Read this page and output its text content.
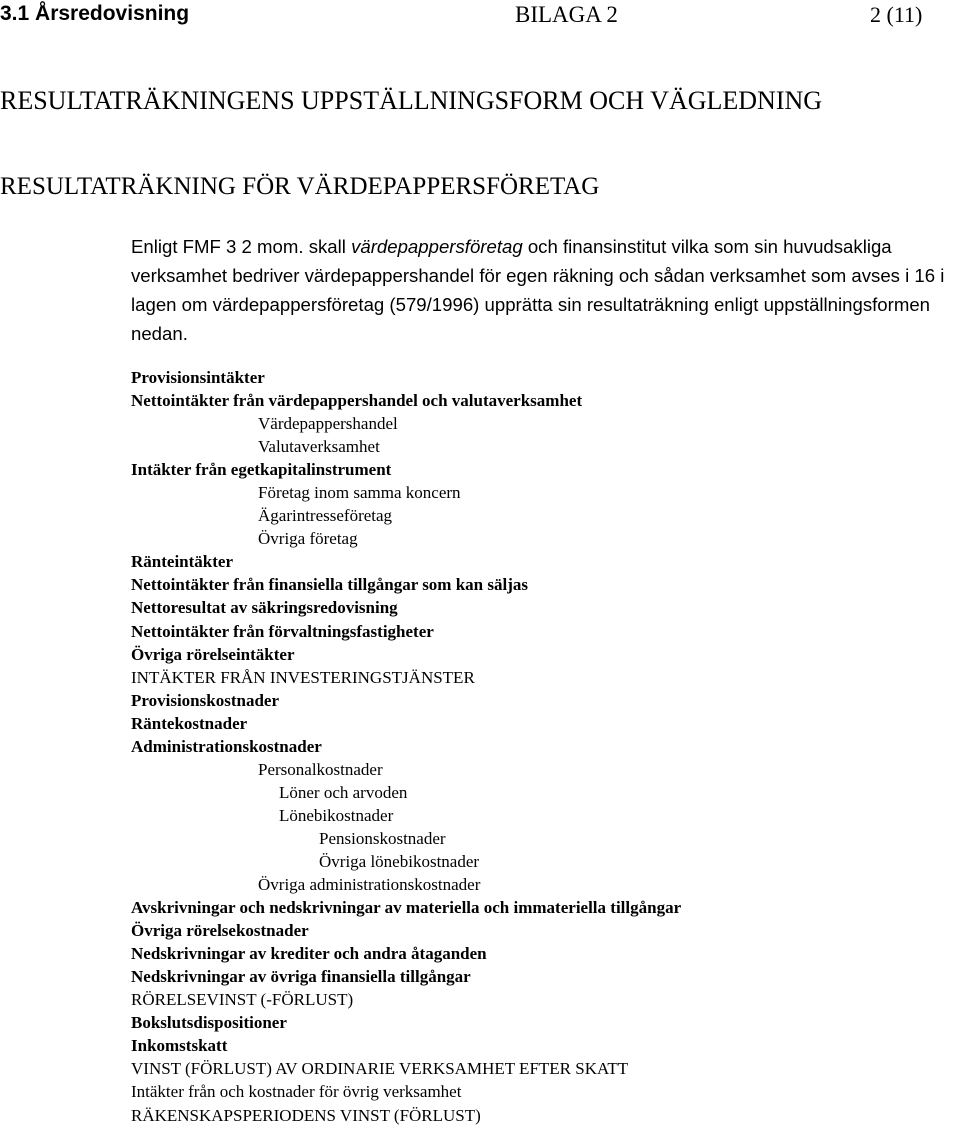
3.1 Årsredovisning	BILAGA 2	2 (11)
RESULTATRÄKNINGENS UPPSTÄLLNINGSFORM OCH VÄGLEDNING
RESULTATRÄKNING FÖR VÄRDEPAPPERSFÖRETAG

Enligt FMF 3 2 mom. skall värdepappersföretag och finansinstitut vilka som sin huvudsakliga verksamhet bedriver värdepappershandel för egen räkning och sådan verksamhet som avses i 16 i lagen om värdepappersföretag (579/1996) upprätta sin resultaträkning enligt uppställningsformen nedan.

Provisionsintäkter
Nettointäkter från värdepappershandel och valutaverksamhet
Värdepappershandel
Valutaverksamhet
Intäkter från egetkapitalinstrument
Företag inom samma koncern
Ägarintresseföretag
Övriga företag
Ränteintäkter
Nettointäkter från finansiella tillgångar som kan säljas
Nettoresultat av säkringsredovisning
Nettointäkter från förvaltningsfastigheter
Övriga rörelseintäkter
INTÄKTER FRÅN INVESTERINGSTJÄNSTER
Provisionskostnader
Räntekostnader
Administrationskostnader
Personalkostnader
Löner och arvoden
Lönebikostnader
Pensionskostnader
Övriga lönebikostnader
Övriga administrationskostnader
Avskrivningar och nedskrivningar av materiella och immateriella tillgångar
Övriga rörelsekostnader
Nedskrivningar av krediter och andra åtaganden
Nedskrivningar av övriga finansiella tillgångar
RÖRELSEVINST (-FÖRLUST)
Bokslutsdispositioner
Inkomstskatt
VINST (FÖRLUST) AV ORDINARIE VERKSAMHET EFTER SKATT
Intäkter från och kostnader för övrig verksamhet
RÄKENSKAPSPERIODENS VINST (FÖRLUST)
